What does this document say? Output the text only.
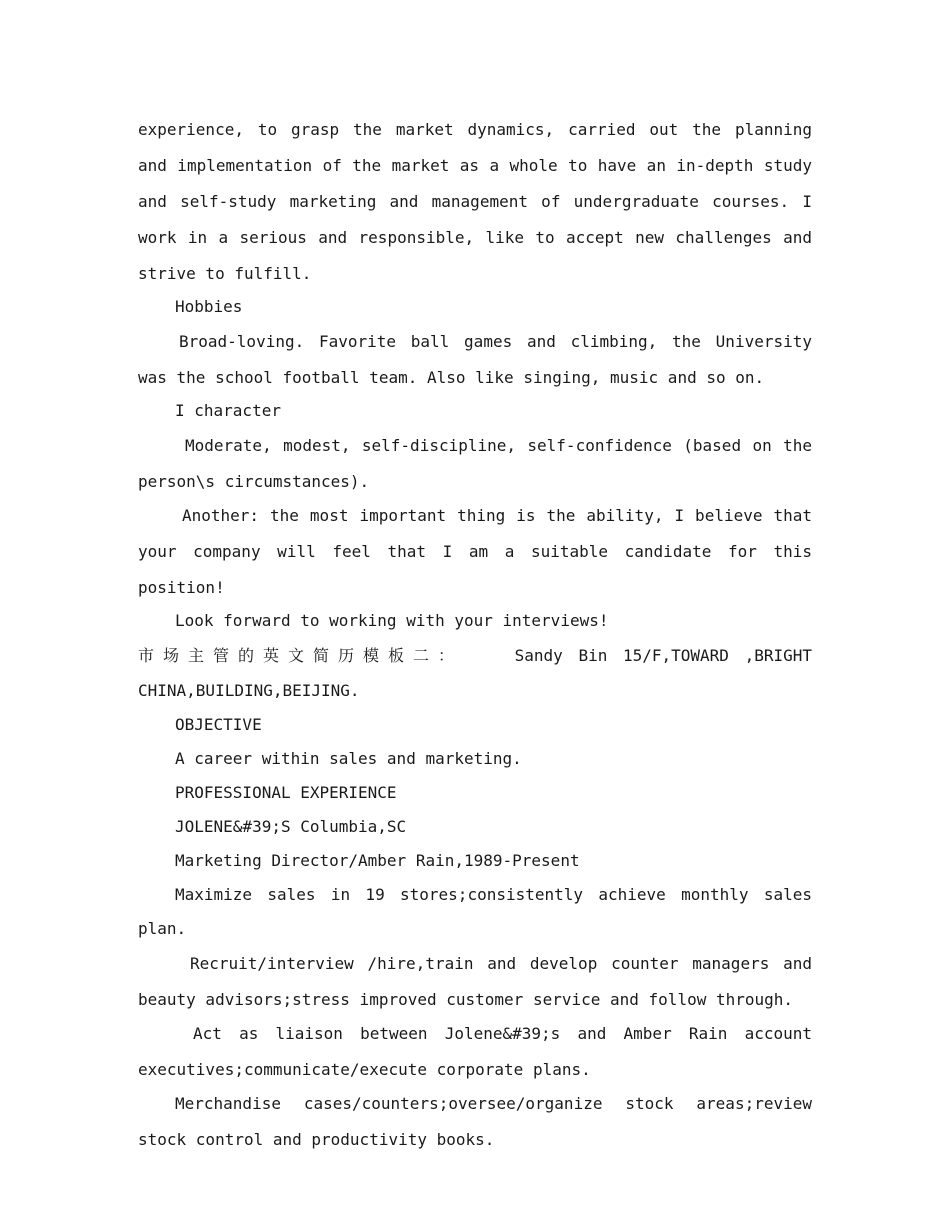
experience, to grasp the market dynamics, carried out the planning and implementation of the market as a whole to have an in-depth study and self-study marketing and management of undergraduate courses. I work in a serious and responsible, like to accept new challenges and strive to fulfill.

Hobbies

Broad-loving. Favorite ball games and climbing, the University was the school football team. Also like singing, music and so on.

I character

Moderate, modest, self-discipline, self-confidence (based on the person\s circumstances).

Another: the most important thing is the ability, I believe that your company will feel that I am a suitable candidate for this position!

Look forward to working with your interviews!

市场主管的英文简历模板二：	Sandy Bin 15/F,TOWARD ,BRIGHT

CHINA,BUILDING,BEIJING.

OBJECTIVE

A career within sales and marketing.

PROFESSIONAL EXPERIENCE

JOLENE&#39;S Columbia,SC

Marketing Director/Amber Rain,1989-Present

Maximize sales in 19 stores;consistently achieve monthly sales plan.

Recruit/interview /hire,train and develop counter managers and beauty advisors;stress improved customer service and follow through.

Act as liaison between Jolene&#39;s and Amber Rain account executives;communicate/execute corporate plans.

Merchandise cases/counters;oversee/organize stock areas;review stock control and productivity books.
